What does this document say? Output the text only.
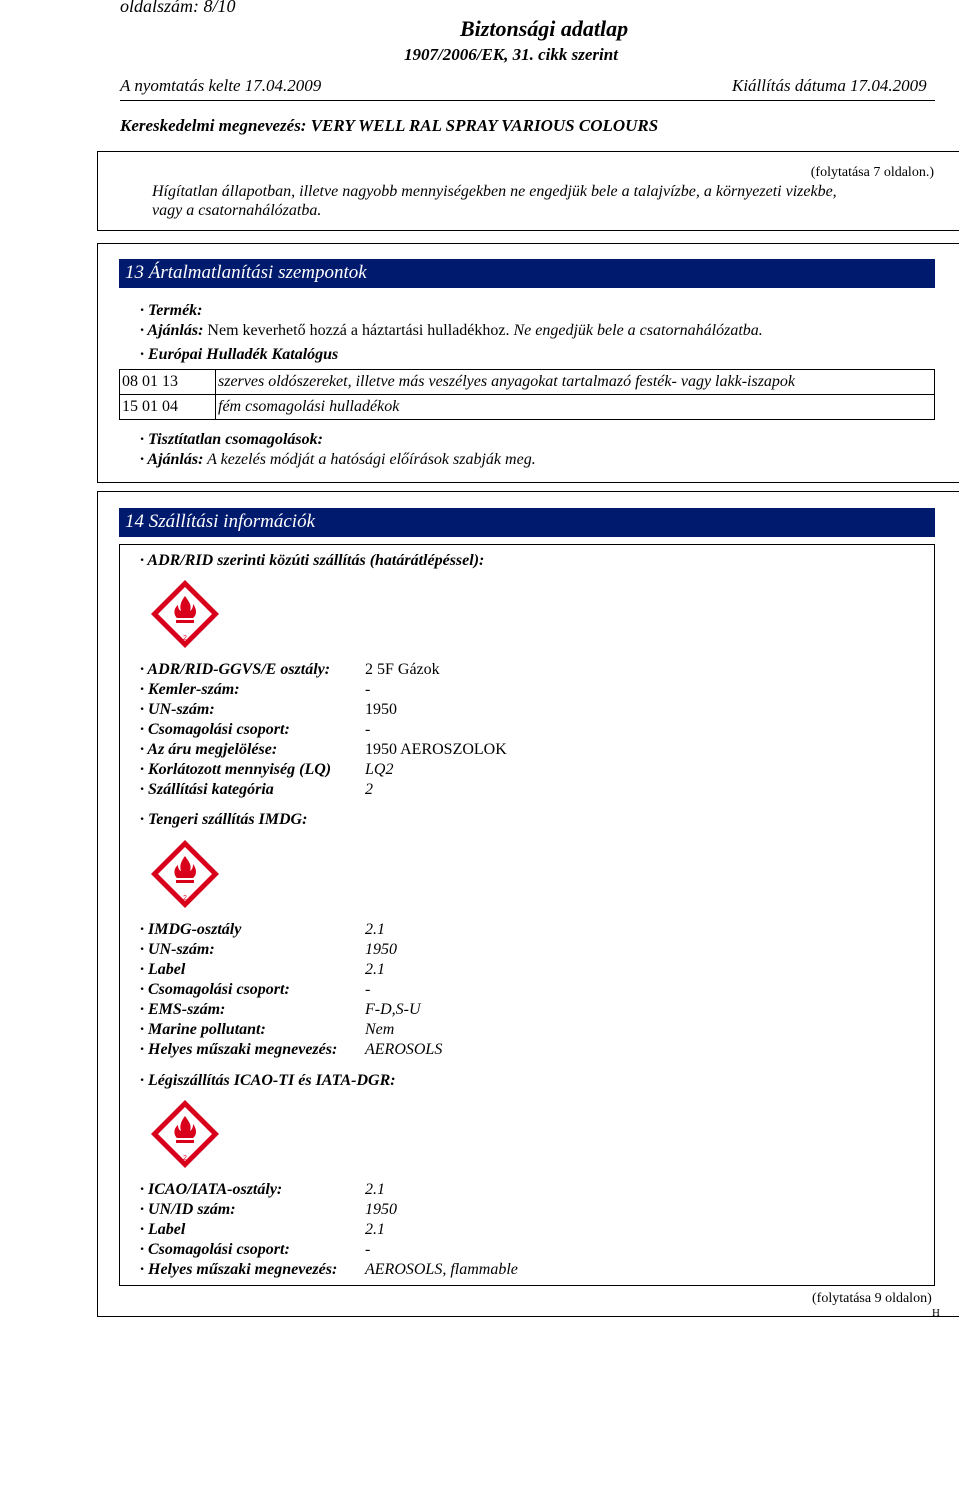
oldalszám: 8/10
Biztonsági adatlap
1907/2006/EK, 31. cikk szerint
A nyomtatás kelte 17.04.2009	Kiállítás dátuma 17.04.2009
Kereskedelmi megnevezés: VERY WELL RAL SPRAY VARIOUS COLOURS
(folytatása 7 oldalon.)
Hígítatlan állapotban, illetve nagyobb mennyiségekben ne engedjük bele a talajvízbe, a környezeti vizekbe,
vagy a csatornahálózatba.
13 Ártalmatlanítási szempontok
· Termék:
· Ajánlás: Nem keverhető hozzá a háztartási hulladékhoz. Ne engedjük bele a csatornahálózatba.
· Európai Hulladék Katalógus
08 01 13	szerves oldószereket, illetve más veszélyes anyagokat tartalmazó festék- vagy lakk-iszapok
15 01 04	fém csomagolási hulladékok
· Tisztítatlan csomagolások:
· Ajánlás: A kezelés módját a hatósági előírások szabják meg.
14 Szállítási információk
· ADR/RID szerinti közúti szállítás (határátlépéssel):
2
· ADR/RID-GGVS/E osztály: 2 5F Gázok
· Kemler-szám:	-
· UN-szám:	1950
· Csomagolási csoport:	-
· Az áru megjelölése:	1950 AEROSZOLOK
· Korlátozott mennyiség (LQ) LQ2
· Szállítási kategória	2
· Tengeri szállítás IMDG:
2
· IMDG-osztály	2.1
· UN-szám:	1950
· Label	2.1
· Csomagolási csoport:	-
· EMS-szám:	F-D,S-U
· Marine pollutant:	Nem
· Helyes műszaki megnevezés: AEROSOLS
· Légiszállítás ICAO-TI és IATA-DGR:
2
· ICAO/IATA-osztály:	2.1
· UN/ID szám:	1950
· Label	2.1
· Csomagolási csoport:	-
· Helyes műszaki megnevezés: AEROSOLS, flammable
(folytatása 9 oldalon)
H
